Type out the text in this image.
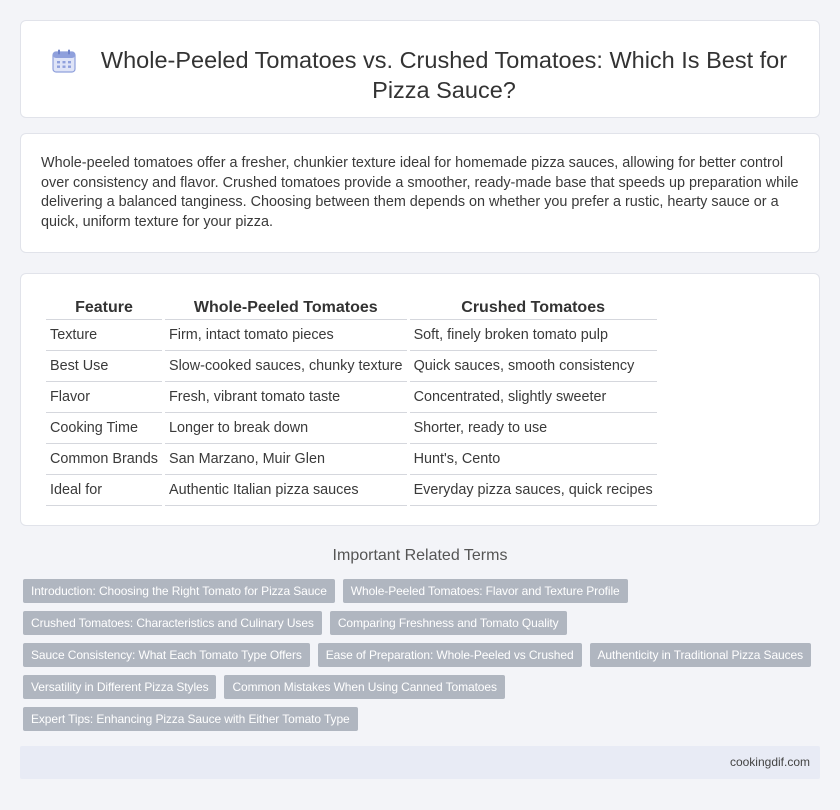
Whole-Peeled Tomatoes vs. Crushed Tomatoes: Which Is Best for Pizza Sauce?

Whole-peeled tomatoes offer a fresher, chunkier texture ideal for homemade pizza sauces, allowing for better control over consistency and flavor. Crushed tomatoes provide a smoother, ready-made base that speeds up preparation while delivering a balanced tanginess. Choosing between them depends on whether you prefer a rustic, hearty sauce or a quick, uniform texture for your pizza.

Feature	Whole-Peeled Tomatoes	Crushed Tomatoes
Texture	Firm, intact tomato pieces	Soft, finely broken tomato pulp
Best Use	Slow-cooked sauces, chunky texture	Quick sauces, smooth consistency
Flavor	Fresh, vibrant tomato taste	Concentrated, slightly sweeter
Cooking Time	Longer to break down	Shorter, ready to use
Common Brands	San Marzano, Muir Glen	Hunt's, Cento
Ideal for	Authentic Italian pizza sauces	Everyday pizza sauces, quick recipes
Important Related Terms
Introduction: Choosing the Right Tomato for Pizza Sauce	Whole-Peeled Tomatoes: Flavor and Texture Profile
Crushed Tomatoes: Characteristics and Culinary Uses	Comparing Freshness and Tomato Quality
Sauce Consistency: What Each Tomato Type Offers	Ease of Preparation: Whole-Peeled vs Crushed	Authenticity in Traditional Pizza Sauces
Versatility in Different Pizza Styles	Common Mistakes When Using Canned Tomatoes
Expert Tips: Enhancing Pizza Sauce with Either Tomato Type
cookingdif.com
